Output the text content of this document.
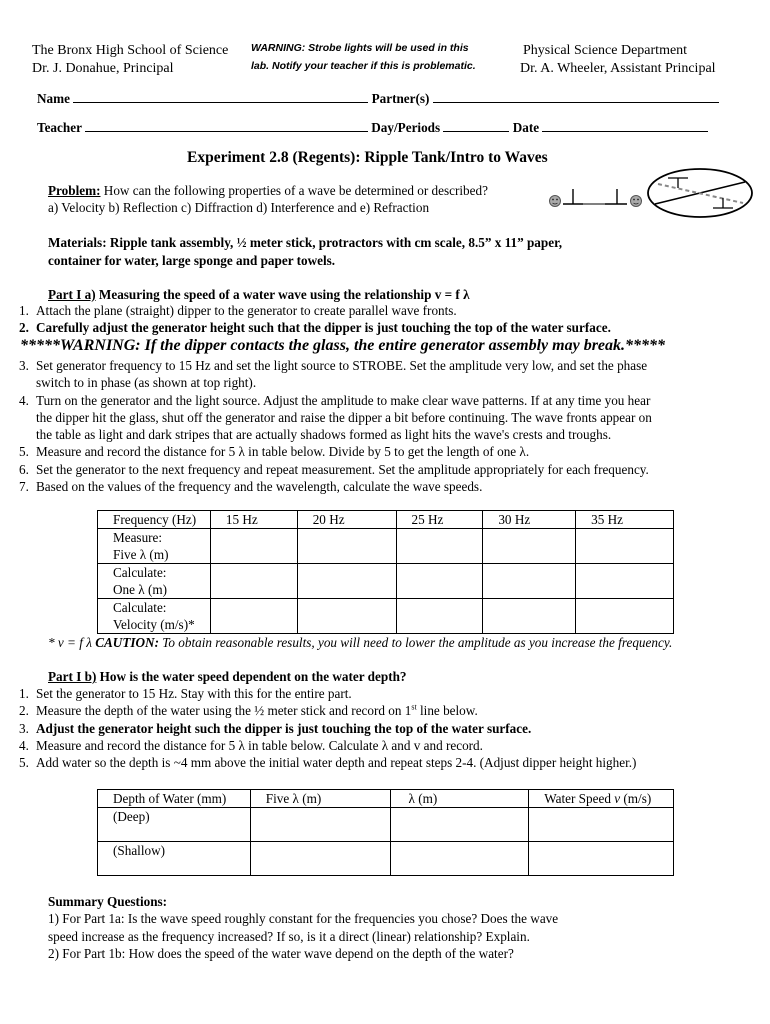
The Bronx High School of Science
Dr. J. Donahue, Principal
WARNING: Strobe lights will be used in this
lab. Notify your teacher if this is problematic.
Physical Science Department
Dr. A. Wheeler, Assistant Principal
Name	Partner(s)
Teacher	Day/Periods	Date
Experiment 2.8 (Regents): Ripple Tank/Intro to Waves
Problem: How can the following properties of a wave be determined or described?
a) Velocity b) Reflection c) Diffraction d) Interference and e) Refraction
Materials: Ripple tank assembly, ½ meter stick, protractors with cm scale, 8.5” x 11” paper,
container for water, large sponge and paper towels.
Part I a) Measuring the speed of a water wave using the relationship v = f λ
1. Attach the plane (straight) dipper to the generator to create parallel wave fronts.
2. Carefully adjust the generator height such that the dipper is just touching the top of the water surface.
*****WARNING: If the dipper contacts the glass, the entire generator assembly may break.*****
3. Set generator frequency to 15 Hz and set the light source to STROBE. Set the amplitude very low, and set the phase
switch to in phase (as shown at top right).
4. Turn on the generator and the light source. Adjust the amplitude to make clear wave patterns. If at any time you hear
the dipper hit the glass, shut off the generator and raise the dipper a bit before continuing. The wave fronts appear on
the table as light and dark stripes that are actually shadows formed as light hits the wave's crests and troughs.
5. Measure and record the distance for 5 λ in table below. Divide by 5 to get the length of one λ.
6. Set the generator to the next frequency and repeat measurement. Set the amplitude appropriately for each frequency.
7. Based on the values of the frequency and the wavelength, calculate the wave speeds.
Frequency (Hz)	15 Hz	20 Hz	25 Hz	30 Hz	35 Hz

Measure:
Five λ (m)					

Calculate:
One λ (m)					

Calculate:
Velocity (m/s)*					

* v = f λ CAUTION: To obtain reasonable results, you will need to lower the amplitude as you increase the frequency.
Part I b) How is the water speed dependent on the water depth?
1. Set the generator to 15 Hz. Stay with this for the entire part.
2. Measure the depth of the water using the ½ meter stick and record on 1st line below.
3. Adjust the generator height such the dipper is just touching the top of the water surface.
4. Measure and record the distance for 5 λ in table below. Calculate λ and v and record.
5. Add water so the depth is ~4 mm above the initial water depth and repeat steps 2-4. (Adjust dipper height higher.)
Depth of Water (mm)	Five λ (m)	λ (m)	Water Speed v (m/s)
(Deep)			
(Shallow)			
Summary Questions:
1) For Part 1a: Is the wave speed roughly constant for the frequencies you chose? Does the wave
speed increase as the frequency increased? If so, is it a direct (linear) relationship? Explain.
2) For Part 1b: How does the speed of the water wave depend on the depth of the water?
